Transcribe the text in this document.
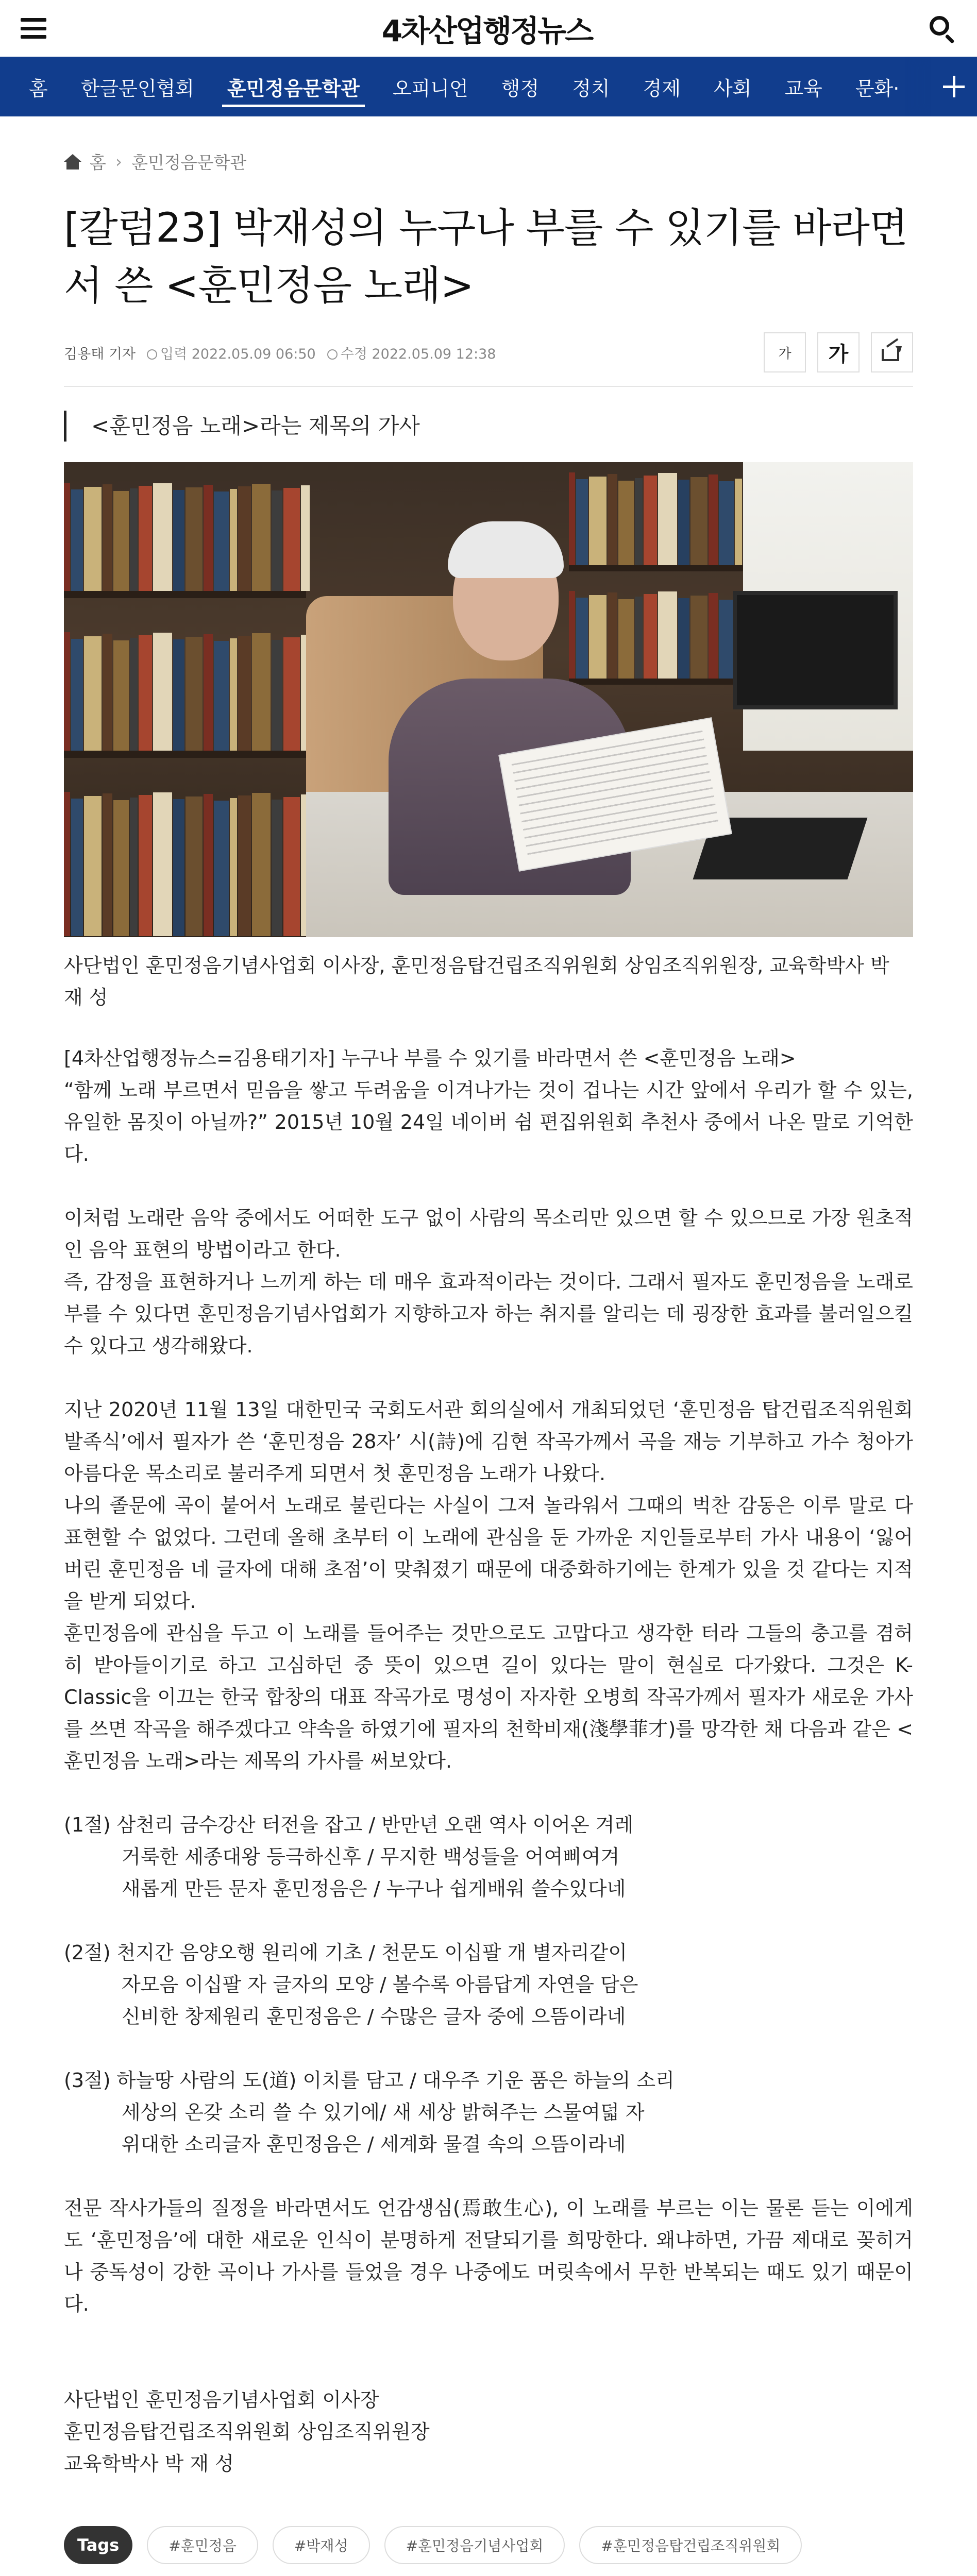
4차산업행정뉴스
홈	한글문인협회	훈민정음문학관	오피니언	행정	정치	경제	사회	교육	문화·
홈 › 훈민정음문학관
[칼럼23] 박재성의 누구나 부를 수 있기를 바라면서 쓴 <훈민정음 노래>
김용태 기자	입력 2022.05.09 06:50	수정 2022.05.09 12:38	가	가
<훈민정음 노래>라는 제목의 가사
사단법인 훈민정음기념사업회 이사장, 훈민정음탑건립조직위원회 상임조직위원장, 교육학박사 박 재 성

[4차산업행정뉴스=김용태기자] 누구나 부를 수 있기를 바라면서 쓴 <훈민정음 노래>

“함께 노래 부르면서 믿음을 쌓고 두려움을 이겨나가는 것이 겁나는 시간 앞에서 우리가 할 수 있는, 유일한 몸짓이 아닐까?” 2015년 10월 24일 네이버 쉼 편집위원회 추천사 중에서 나온 말로 기억한다.

이처럼 노래란 음악 중에서도 어떠한 도구 없이 사람의 목소리만 있으면 할 수 있으므로 가장 원초적인 음악 표현의 방법이라고 한다.

즉, 감정을 표현하거나 느끼게 하는 데 매우 효과적이라는 것이다. 그래서 필자도 훈민정음을 노래로 부를 수 있다면 훈민정음기념사업회가 지향하고자 하는 취지를 알리는 데 굉장한 효과를 불러일으킬 수 있다고 생각해왔다.

지난 2020년 11월 13일 대한민국 국회도서관 회의실에서 개최되었던 ‘훈민정음 탑건립조직위원회 발족식’에서 필자가 쓴 ‘훈민정음 28자’ 시(詩)에 김현 작곡가께서 곡을 재능 기부하고 가수 청아가 아름다운 목소리로 불러주게 되면서 첫 훈민정음 노래가 나왔다.

나의 졸문에 곡이 붙어서 노래로 불린다는 사실이 그저 놀라워서 그때의 벅찬 감동은 이루 말로 다 표현할 수 없었다. 그런데 올해 초부터 이 노래에 관심을 둔 가까운 지인들로부터 가사 내용이 ‘잃어버린 훈민정음 네 글자에 대해 초점’이 맞춰졌기 때문에 대중화하기에는 한계가 있을 것 같다는 지적을 받게 되었다.

훈민정음에 관심을 두고 이 노래를 들어주는 것만으로도 고맙다고 생각한 터라 그들의 충고를 겸허히 받아들이기로 하고 고심하던 중 뜻이 있으면 길이 있다는 말이 현실로 다가왔다. 그것은 K-Classic을 이끄는 한국 합창의 대표 작곡가로 명성이 자자한 오병희 작곡가께서 필자가 새로운 가사를 쓰면 작곡을 해주겠다고 약속을 하였기에 필자의 천학비재(淺學菲才)를 망각한 채 다음과 같은 <훈민정음 노래>라는 제목의 가사를 써보았다.

(1절) 삼천리 금수강산 터전을 잡고 / 반만년 오랜 역사 이어온 겨레
거룩한 세종대왕 등극하신후 / 무지한 백성들을 어여삐여겨
새롭게 만든 문자 훈민정음은 / 누구나 쉽게배워 쓸수있다네
(2절) 천지간 음양오행 원리에 기초 / 천문도 이십팔 개 별자리같이
자모음 이십팔 자 글자의 모양 / 볼수록 아름답게 자연을 담은
신비한 창제원리 훈민정음은 / 수많은 글자 중에 으뜸이라네
(3절) 하늘땅 사람의 도(道) 이치를 담고 / 대우주 기운 품은 하늘의 소리
세상의 온갖 소리 쓸 수 있기에/ 새 세상 밝혀주는 스물여덟 자
위대한 소리글자 훈민정음은 / 세계화 물결 속의 으뜸이라네

전문 작사가들의 질정을 바라면서도 언감생심(焉敢生心), 이 노래를 부르는 이는 물론 듣는 이에게도 ‘훈민정음’에 대한 새로운 인식이 분명하게 전달되기를 희망한다. 왜냐하면, 가끔 제대로 꽂히거나 중독성이 강한 곡이나 가사를 들었을 경우 나중에도 머릿속에서 무한 반복되는 때도 있기 때문이다.

사단법인 훈민정음기념사업회 이사장

훈민정음탑건립조직위원회 상임조직위원장

교육학박사 박 재 성

Tags	#훈민정음	#박재성	#훈민정음기념사업회	#훈민정음탑건립조직위원회
